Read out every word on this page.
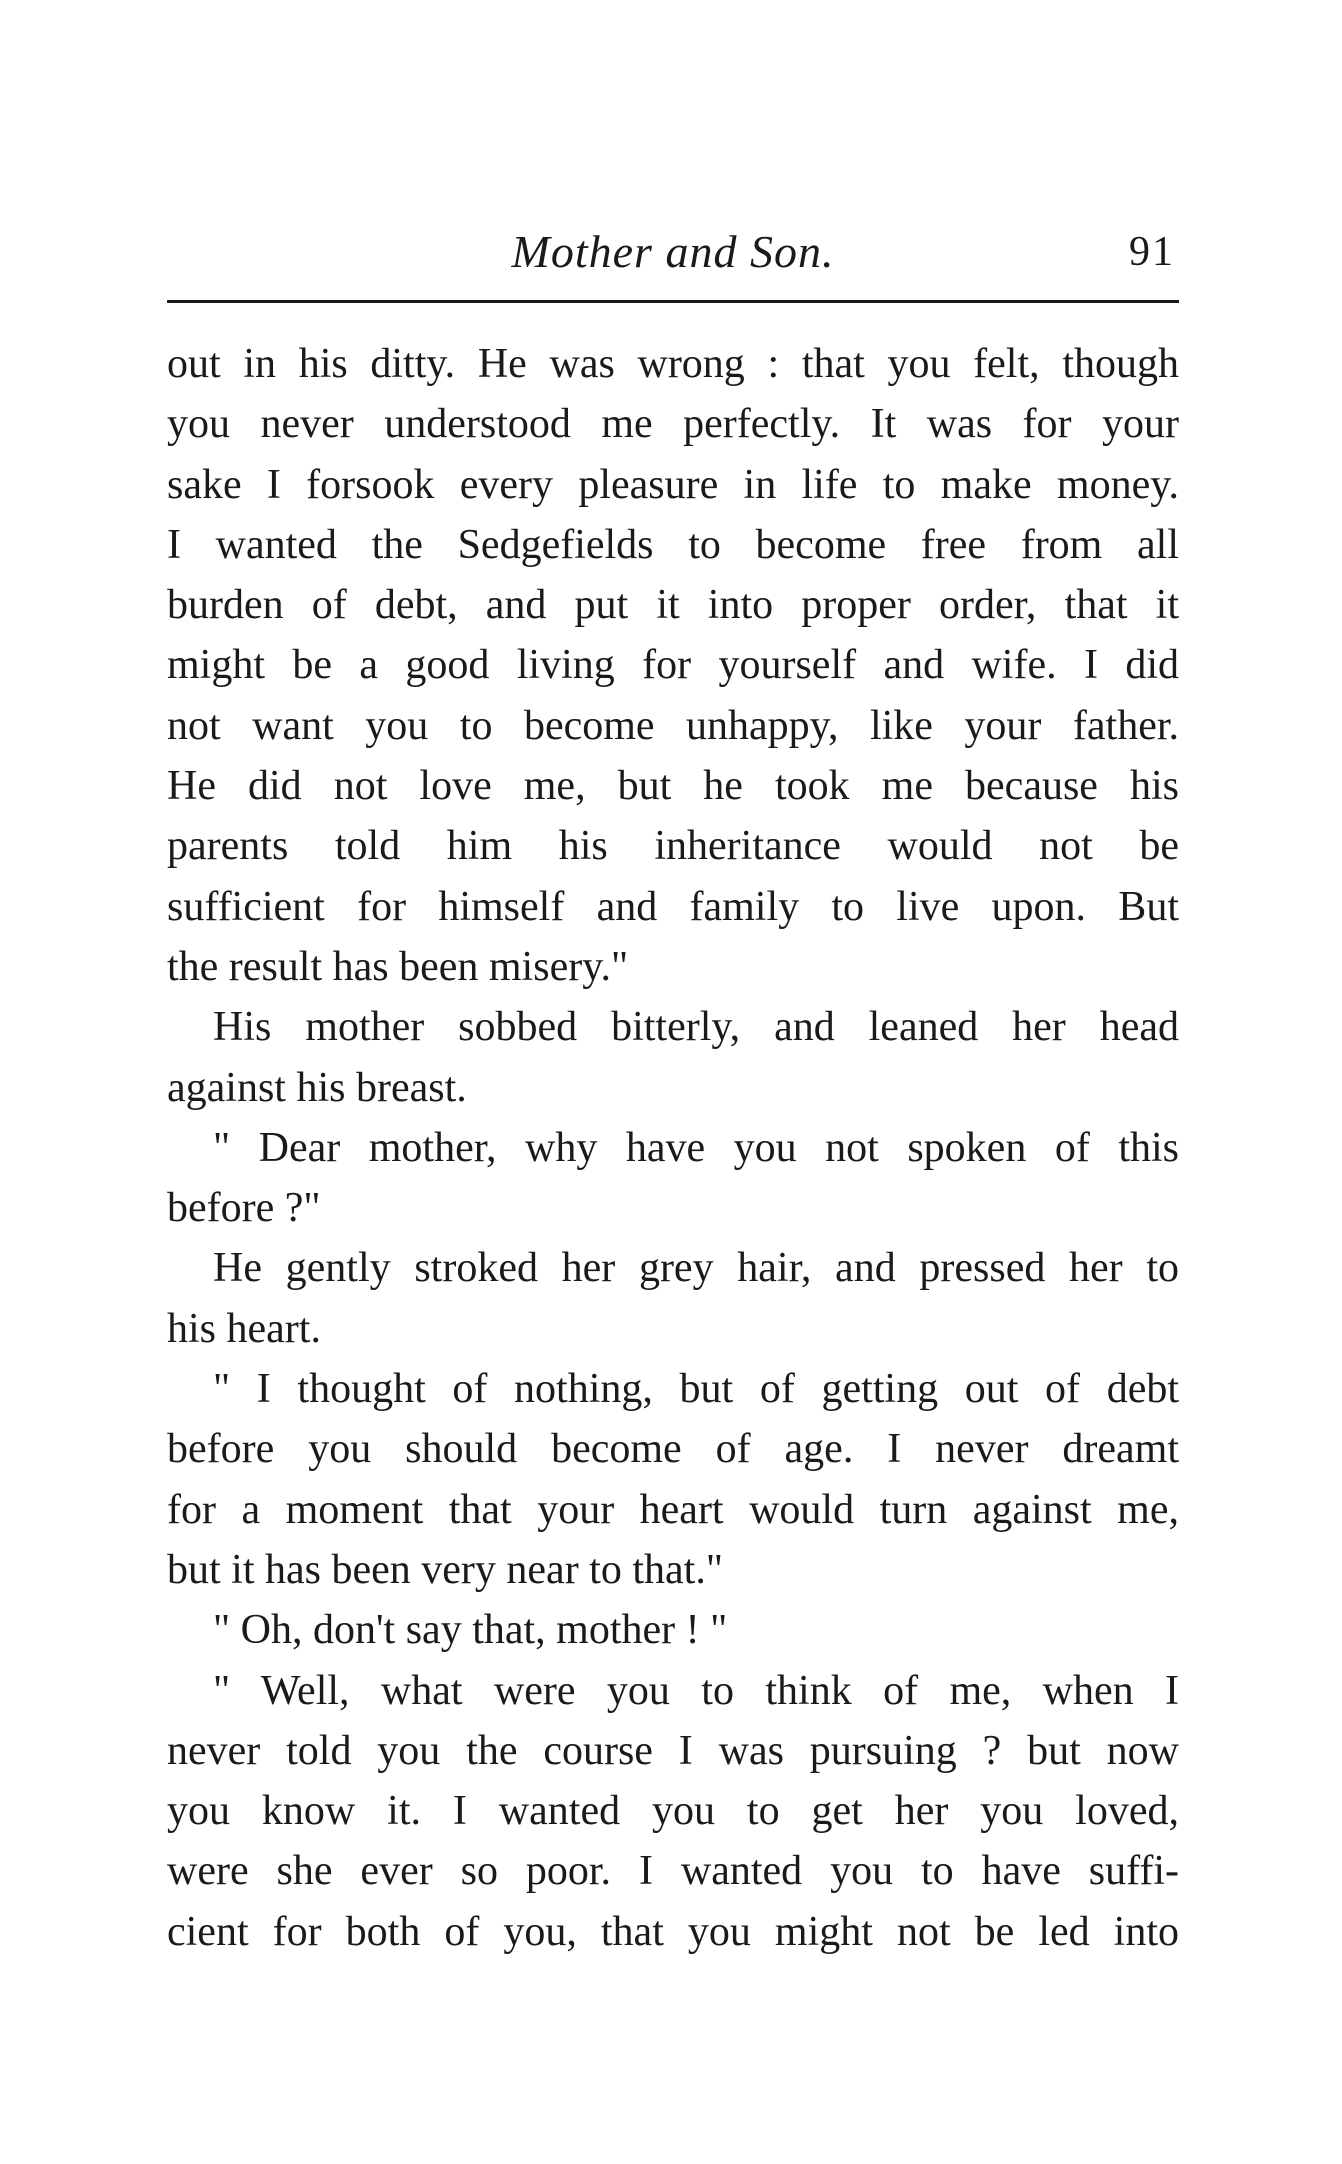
Mother and Son.	91
out in his ditty. He was wrong : that you felt, though
you never understood me perfectly. It was for your
sake I forsook every pleasure in life to make money.
I wanted the Sedgefields to become free from all
burden of debt, and put it into proper order, that it
might be a good living for yourself and wife. I did
not want you to become unhappy, like your father.
He did not love me, but he took me because his
parents told him his inheritance would not be
sufficient for himself and family to live upon. But
the result has been misery."
His mother sobbed bitterly, and leaned her head
against his breast.
" Dear mother, why have you not spoken of this
before ?"
He gently stroked her grey hair, and pressed her to
his heart.
" I thought of nothing, but of getting out of debt
before you should become of age. I never dreamt
for a moment that your heart would turn against me,
but it has been very near to that."
" Oh, don't say that, mother ! "
" Well, what were you to think of me, when I
never told you the course I was pursuing ? but now
you know it. I wanted you to get her you loved,
were she ever so poor. I wanted you to have suffi-
cient for both of you, that you might not be led into
